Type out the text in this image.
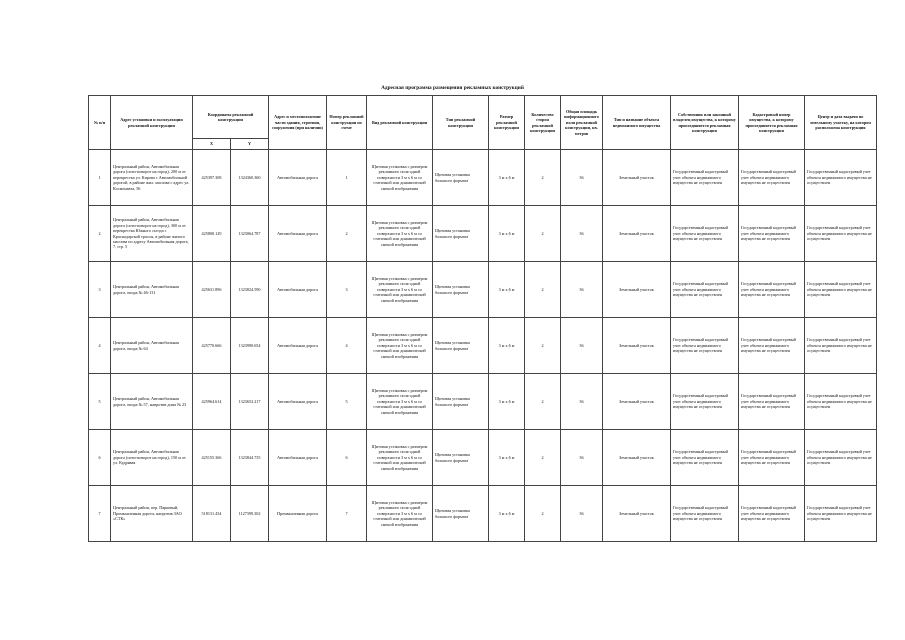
Адресная программа размещения рекламных конструкций
№ п/п	Адрес установки и эксплуатации рекламной конструкции	Координаты рекламной конструкции		Адрес и местоположение части здания, строения, сооружения (при наличии)	Номер рекламной конструкции по схеме	Вид рекламной конструкции	Тип рекламной конструкции	Размер рекламной конструкции	Количество сторон рекламной конструкции	Общая площадь информационного поля рекламной конструкции, кв. метров	Тип и название объекта недвижимого имущества	Собственник или законный владелец имущества, к которому присоединяется рекламная конструкция	Кадастровый номер имущества, к которому присоединяется рекламная конструкция	Центр и дата выдачи по земельному участку, на котором расположена конструкция
		X	Y											
1	Центральный район, Автомобильная дорога (сити-поворот на город), 200 м от перекрестка ул. Кирова с Автомобильной дорогой, в районе жил. массива с адрес ул. Космонавта, 56	425397.308	1324360.360	Автомобильная дорога	1	Щитовая установка с размером рекламного поля одной поверхности 3 м х 6 м со статичной или динамической сменой изображения	Щитовая установка большого формата	3 м х 6 м	2	36	Земельный участок	Государственный кадастровый учет объекта недвижимого имущества не осуществлен	Государственный кадастровый учет объекта недвижимого имущества не осуществлен	Государственный кадастровый учет объекта недвижимого имущества не осуществлен
2	Центральный район, Автомобильная дорога (сити-поворот на город), 300 м от перекрестка Южного съезда с Краснодарской трассы, в районе жилого массива по адресу Автомобильная дорога, 7, стр. 5	425800.129	1323064.787	Автомобильная дорога	2	Щитовая установка с размером рекламного поля одной поверхности 3 м х 6 м со статичной или динамической сменой изображения	Щитовая установка большого формата	3 м х 6 м	2	36	Земельный участок	Государственный кадастровый учет объекта недвижимого имущества не осуществлен	Государственный кадастровый учет объекта недвижимого имущества не осуществлен	Государственный кадастровый учет объекта недвижимого имущества не осуществлен
3	Центральный район, Автомобильная дорога, опора № 46-131	425631.896	1323824.590	Автомобильная дорога	3	Щитовая установка с размером рекламного поля одной поверхности 3 м х 6 м со статичной или динамической сменой изображения	Щитовая установка большого формата	3 м х 6 м	2	36	Земельный участок	Государственный кадастровый учет объекта недвижимого имущества не осуществлен	Государственный кадастровый учет объекта недвижимого имущества не осуществлен	Государственный кадастровый учет объекта недвижимого имущества не осуществлен
4	Центральный район, Автомобильная дорога, опора № 64	425770.666	1323990.654	Автомобильная дорога	4	Щитовая установка с размером рекламного поля одной поверхности 3 м х 6 м со статичной или динамической сменой изображения	Щитовая установка большого формата	3 м х 6 м	2	36	Земельный участок	Государственный кадастровый учет объекта недвижимого имущества не осуществлен	Государственный кадастровый учет объекта недвижимого имущества не осуществлен	Государственный кадастровый учет объекта недвижимого имущества не осуществлен
5	Центральный район, Автомобильная дорога, опора № 57, напротив дома № 23	425964.614	1323652.217	Автомобильная дорога	5	Щитовая установка с размером рекламного поля одной поверхности 3 м х 6 м со статичной или динамической сменой изображения	Щитовая установка большого формата	3 м х 6 м	2	36	Земельный участок	Государственный кадастровый учет объекта недвижимого имущества не осуществлен	Государственный кадастровый учет объекта недвижимого имущества не осуществлен	Государственный кадастровый учет объекта недвижимого имущества не осуществлен
6	Центральный район, Автомобильная дорога (сити-поворот на город), 150 м от ул. Кудрявая	425155.366	1323844.735	Автомобильная дорога	6	Щитовая установка с размером рекламного поля одной поверхности 3 м х 6 м со статичной или динамической сменой изображения	Щитовая установка большого формата	3 м х 6 м	2	36	Земельный участок	Государственный кадастровый учет объекта недвижимого имущества не осуществлен	Государственный кадастровый учет объекта недвижимого имущества не осуществлен	Государственный кадастровый учет объекта недвижимого имущества не осуществлен
7	Центральный район, пер. Парковый, Промышленная дорога, напротив ЗАО «СТК»	518131.434	1127399.302	Промышленная дорога	7	Щитовая установка с размером рекламного поля одной поверхности 3 м х 6 м со статичной или динамической сменой изображения	Щитовая установка большого формата	3 м х 6 м	2	36	Земельный участок	Государственный кадастровый учет объекта недвижимого имущества не осуществлен	Государственный кадастровый учет объекта недвижимого имущества не осуществлен	Государственный кадастровый учет объекта недвижимого имущества не осуществлен
